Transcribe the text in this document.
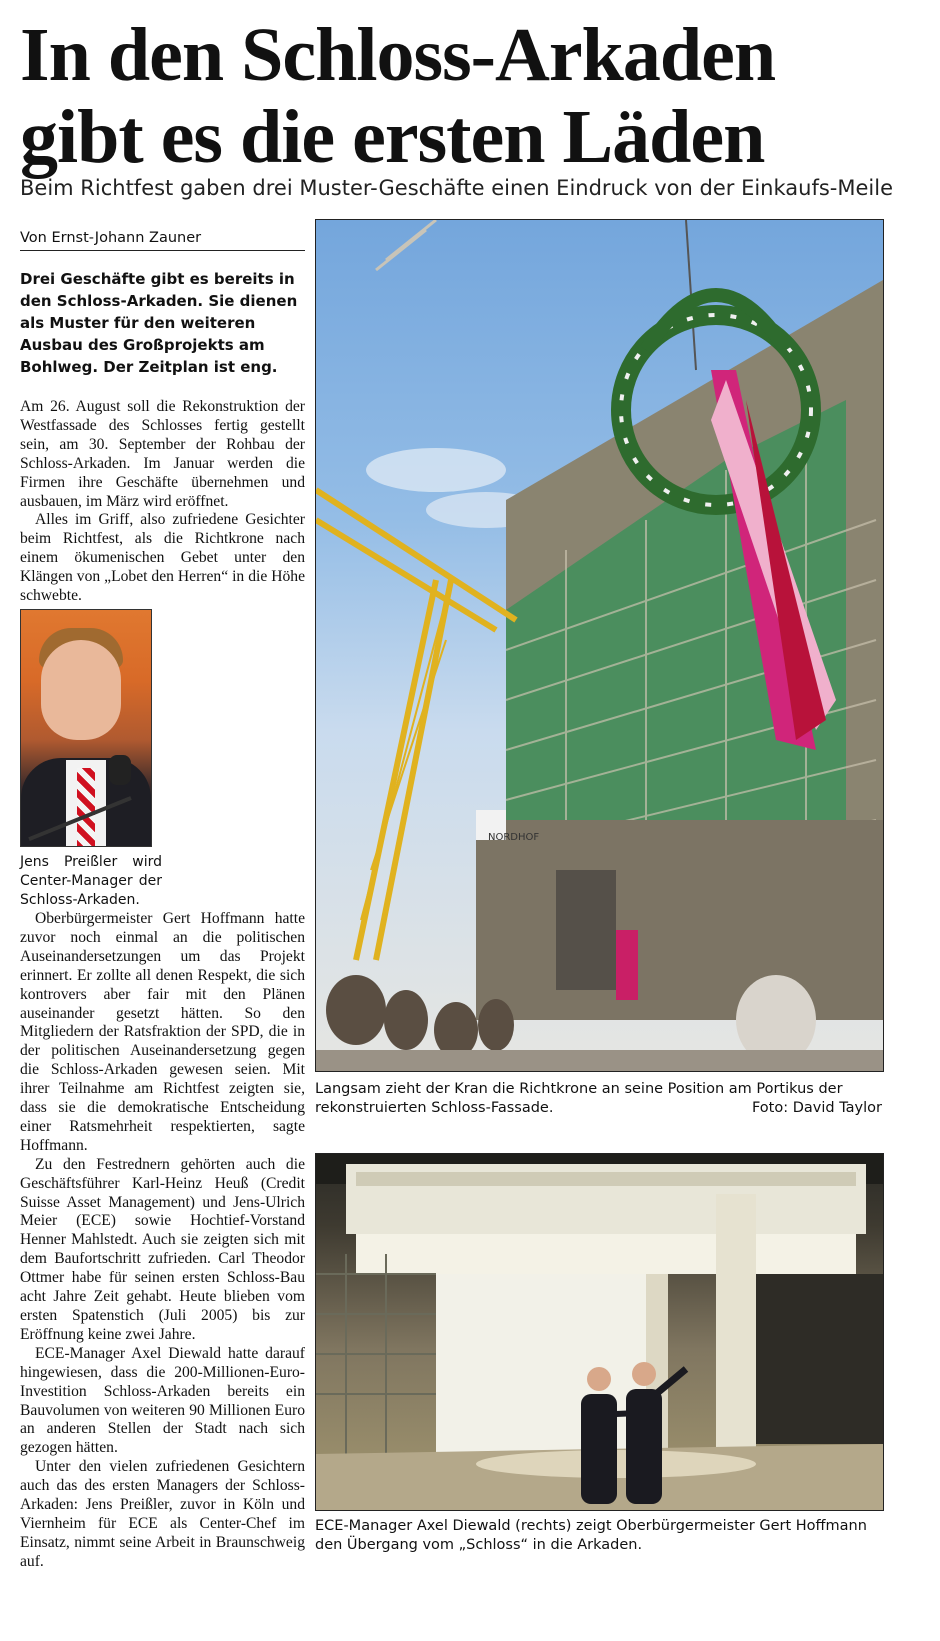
In den Schloss-Arkaden
gibt es die ersten Läden

Beim Richtfest gaben drei Muster-Geschäfte einen Eindruck von der Einkaufs-Meile

Von Ernst-Johann Zauner

Drei Geschäfte gibt es bereits in den Schloss-Arkaden. Sie dienen als Muster für den weiteren Ausbau des Großprojekts am Bohlweg. Der Zeitplan ist eng.

Am 26. August soll die Rekonstruktion der Westfassade des Schlosses fertig gestellt sein, am 30. September der Rohbau der Schloss-Arkaden. Im Januar werden die Firmen ihre Geschäfte übernehmen und ausbauen, im März wird eröffnet.

Alles im Griff, also zufriedene Gesichter beim Richtfest, als die Richtkrone nach einem ökumenischen Gebet unter den Klängen von „Lobet den Herren“ in die Höhe schwebte.

Jens Preißler wird Center-Manager der Schloss-Arkaden.

Oberbürgermeister Gert Hoffmann hatte zuvor noch einmal an die politischen Auseinandersetzungen um das Projekt erinnert. Er zollte all denen Respekt, die sich kontrovers aber fair mit den Plänen auseinander gesetzt hätten. So den Mitgliedern der Ratsfraktion der SPD, die in der politischen Auseinandersetzung gegen die Schloss-Arkaden gewesen seien. Mit ihrer Teilnahme am Richtfest zeigten sie, dass sie die demokratische Entscheidung einer Ratsmehrheit respektierten, sagte Hoffmann.

Zu den Festrednern gehörten auch die Geschäftsführer Karl-Heinz Heuß (Credit Suisse Asset Management) und Jens-Ulrich Meier (ECE) sowie Hochtief-Vorstand Henner Mahlstedt. Auch sie zeigten sich mit dem Baufortschritt zufrieden. Carl Theodor Ottmer habe für seinen ersten Schloss-Bau acht Jahre Zeit gehabt. Heute blieben vom ersten Spatenstich (Juli 2005) bis zur Eröffnung keine zwei Jahre.

ECE-Manager Axel Diewald hatte darauf hingewiesen, dass die 200-Millionen-Euro-Investition Schloss-Arkaden bereits ein Bauvolumen von weiteren 90 Millionen Euro an anderen Stellen der Stadt nach sich gezogen hätten.

Unter den vielen zufriedenen Gesichtern auch das des ersten Managers der Schloss-Arkaden: Jens Preißler, zuvor in Köln und Viernheim für ECE als Center-Chef im Einsatz, nimmt seine Arbeit in Braunschweig auf.

NORDHOF
Langsam zieht der Kran die Richtkrone an seine Position am Portikus der rekonstruierten Schloss-Fassade.	Foto: David Taylor
ECE-Manager Axel Diewald (rechts) zeigt Oberbürgermeister Gert Hoffmann den Übergang vom „Schloss“ in die Arkaden.
